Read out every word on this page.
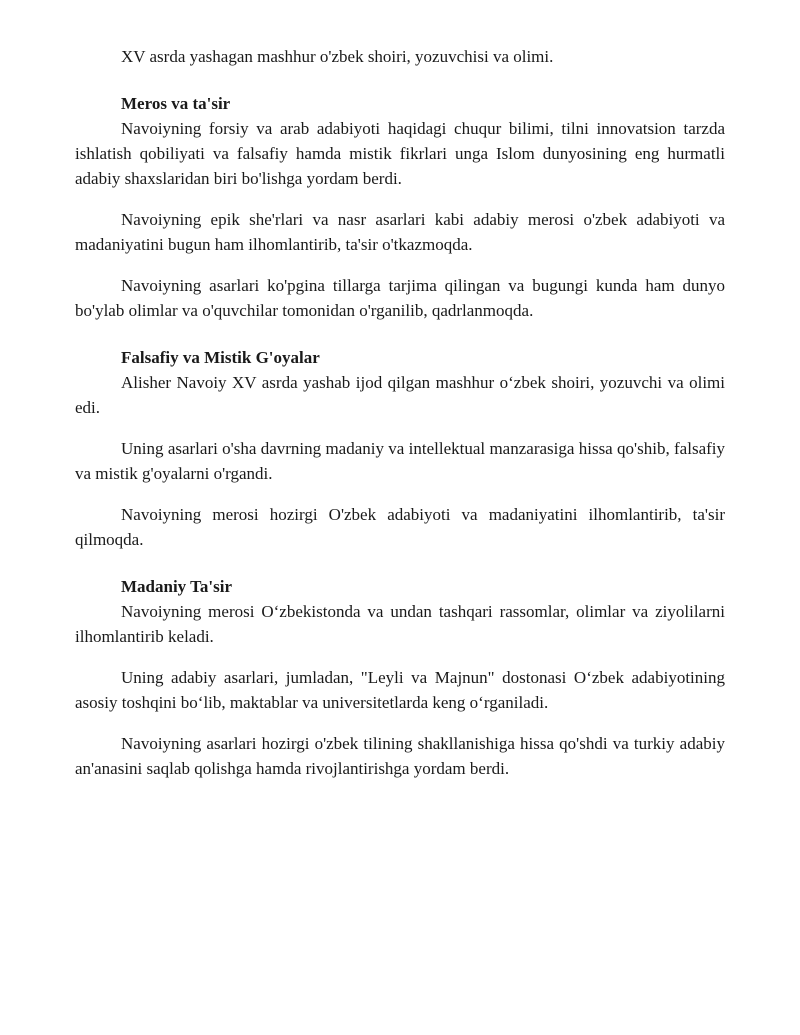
XV asrda yashagan mashhur o'zbek shoiri, yozuvchisi va olimi.

Meros va ta'sir

Navoiyning forsiy va arab adabiyoti haqidagi chuqur bilimi, tilni innovatsion tarzda ishlatish qobiliyati va falsafiy hamda mistik fikrlari unga Islom dunyosining eng hurmatli adabiy shaxslaridan biri bo'lishga yordam berdi.

Navoiyning epik she'rlari va nasr asarlari kabi adabiy merosi o'zbek adabiyoti va madaniyatini bugun ham ilhomlantirib, ta'sir o'tkazmoqda.

Navoiyning asarlari ko'pgina tillarga tarjima qilingan va bugungi kunda ham dunyo bo'ylab olimlar va o'quvchilar tomonidan o'rganilib, qadrlanmoqda.

Falsafiy va Mistik G'oyalar

Alisher Navoiy XV asrda yashab ijod qilgan mashhur o‘zbek shoiri, yozuvchi va olimi edi.

Uning asarlari o'sha davrning madaniy va intellektual manzarasiga hissa qo'shib, falsafiy va mistik g'oyalarni o'rgandi.

Navoiyning merosi hozirgi O'zbek adabiyoti va madaniyatini ilhomlantirib, ta'sir qilmoqda.

Madaniy Ta'sir

Navoiyning merosi O‘zbekistonda va undan tashqari rassomlar, olimlar va ziyolilarni ilhomlantirib keladi.

Uning adabiy asarlari, jumladan, "Leyli va Majnun" dostonasi O‘zbek adabiyotining asosiy toshqini bo‘lib, maktablar va universitetlarda keng o‘rganiladi.

Navoiyning asarlari hozirgi o'zbek tilining shakllanishiga hissa qo'shdi va turkiy adabiy an'anasini saqlab qolishga hamda rivojlantirishga yordam berdi.
